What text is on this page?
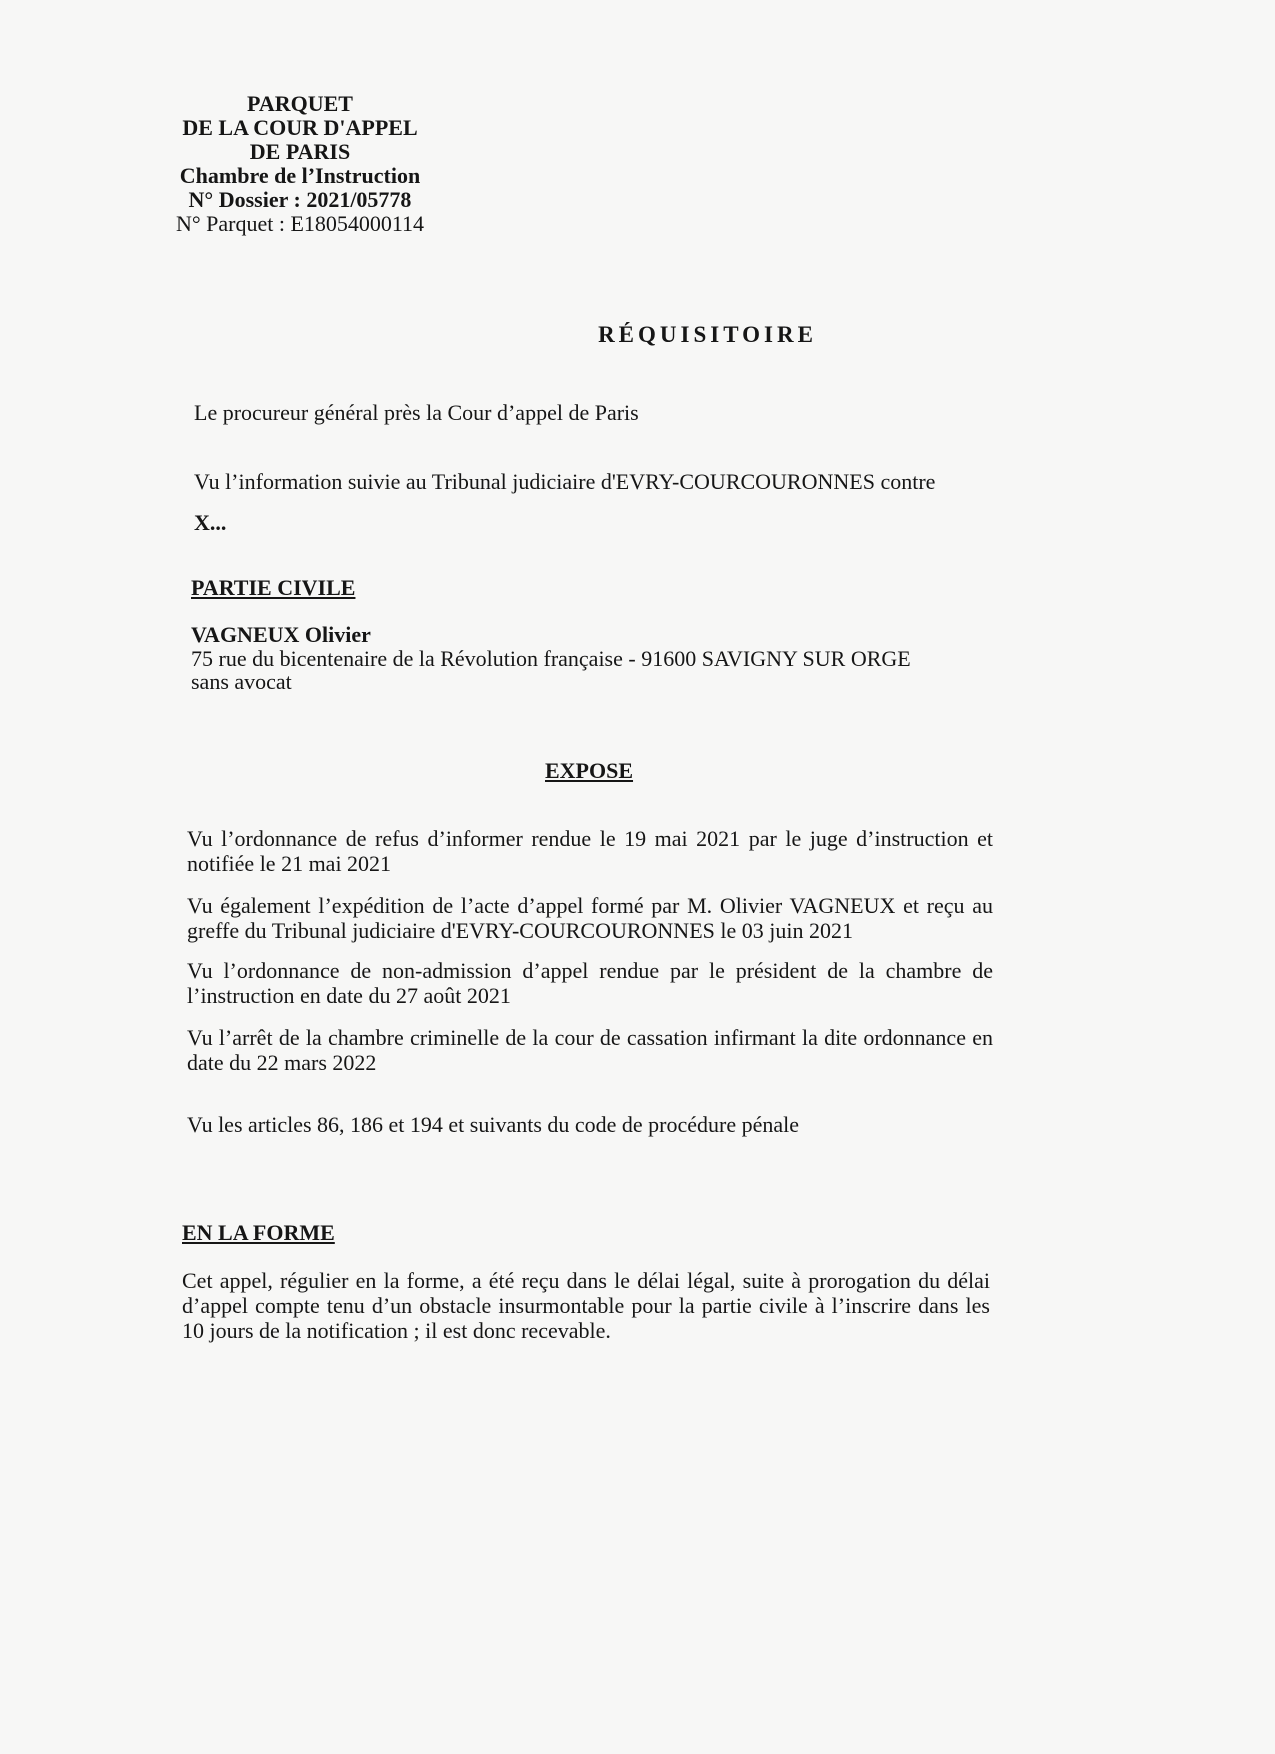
PARQUET
DE LA COUR D'APPEL
DE PARIS
Chambre de l’Instruction
N° Dossier : 2021/05778
N° Parquet : E18054000114
RÉQUISITOIRE
Le procureur général près la Cour d’appel de Paris
Vu l’information suivie au Tribunal judiciaire d'EVRY-COURCOURONNES contre
X...
PARTIE CIVILE
VAGNEUX Olivier
75 rue du bicentenaire de la Révolution française - 91600 SAVIGNY SUR ORGE
sans avocat
EXPOSE
Vu l’ordonnance de refus d’informer rendue le 19 mai 2021 par le juge d’instruction et notifiée le 21 mai 2021
Vu également l’expédition de l’acte d’appel formé par M. Olivier VAGNEUX et reçu au greffe du Tribunal judiciaire d'EVRY-COURCOURONNES le 03 juin 2021
Vu l’ordonnance de non-admission d’appel rendue par le président de la chambre de l’instruction en date du 27 août 2021
Vu l’arrêt de la chambre criminelle de la cour de cassation infirmant la dite ordonnance en date du 22 mars 2022
Vu les articles 86, 186 et 194 et suivants du code de procédure pénale
EN LA FORME
Cet appel, régulier en la forme, a été reçu dans le délai légal, suite à prorogation du délai d’appel compte tenu d’un obstacle insurmontable pour la partie civile à l’inscrire dans les 10 jours de la notification ; il est donc recevable.
